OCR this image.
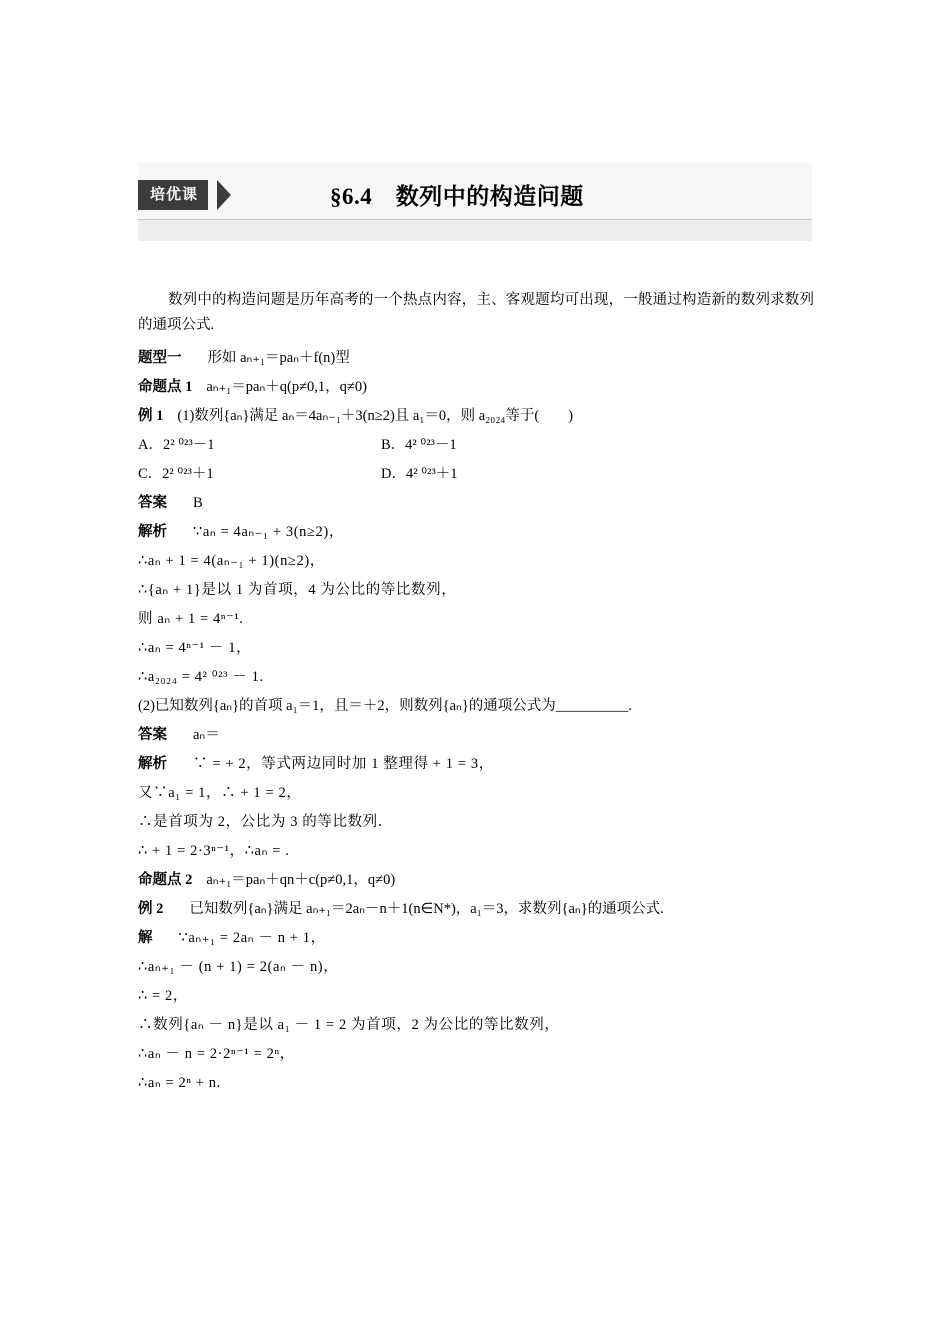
培优课	§6.4　数列中的构造问题

数列中的构造问题是历年高考的一个热点内容，主、客观题均可出现，一般通过构造新的数列求数列的通项公式.

题型一 形如 aₙ₊₁＝paₙ＋f(n)型

命题点 1 aₙ₊₁＝paₙ＋q(p≠0,1，q≠0)

例 1 (1)数列{aₙ}满足 aₙ＝4aₙ₋₁＋3(n≥2)且 a₁＝0，则 a₂₀₂₄等于(　　)

A．2² ⁰²³－1	B．4² ⁰²³－1

C．2² ⁰²³＋1	D．4² ⁰²³＋1

答案 B

解析 ∵aₙ = 4aₙ₋₁ + 3(n≥2)，

∴aₙ + 1 = 4(aₙ₋₁ + 1)(n≥2)，

∴{aₙ + 1}是以 1 为首项，4 为公比的等比数列，

则 aₙ + 1 = 4ⁿ⁻¹.

∴aₙ = 4ⁿ⁻¹ － 1，

∴a₂₀₂₄ = 4² ⁰²³ － 1.

(2)已知数列{aₙ}的首项 a₁＝1，且＝＋2，则数列{aₙ}的通项公式为__________.

答案 aₙ＝

解析 ∵ = + 2，等式两边同时加 1 整理得 + 1 = 3，

又∵a₁ = 1，∴ + 1 = 2，

∴是首项为 2，公比为 3 的等比数列．

∴ + 1 = 2·3ⁿ⁻¹，∴aₙ = .

命题点 2 aₙ₊₁＝paₙ＋qn＋c(p≠0,1，q≠0)

例 2 已知数列{aₙ}满足 aₙ₊₁＝2aₙ－n＋1(n∈N*)，a₁＝3，求数列{aₙ}的通项公式.

解 ∵aₙ₊₁ = 2aₙ － n + 1，

∴aₙ₊₁ － (n + 1) = 2(aₙ － n)，

∴ = 2，

∴数列{aₙ － n}是以 a₁ － 1 = 2 为首项，2 为公比的等比数列，

∴aₙ － n = 2·2ⁿ⁻¹ = 2ⁿ，

∴aₙ = 2ⁿ + n.
